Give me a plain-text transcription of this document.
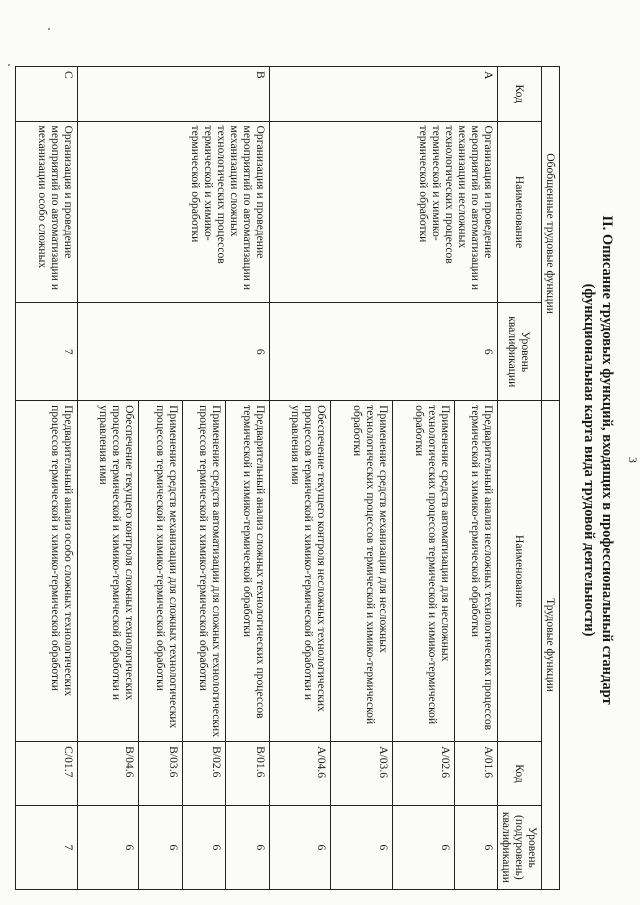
3
II. Описание трудовых функций, входящих в профессиональный стандарт
(функциональная карта вида трудовой деятельности)
Обобщенные трудовые функции			Трудовые функции		
Код	Наименование	Уровень квалификации	Наименование	Код	Уровень (подуровень) квалификации
A	Организация и проведение мероприятий по автоматизации и механизации несложных технологических процессов термической и химико-термической обработки	6	Предварительный анализ несложных технологических процессов термической и химико-термической обработки	A/01.6	6
			Применение средств автоматизации для несложных технологических процессов термической и химико-термической обработки	A/02.6	6
			Применение средств механизации для несложных технологических процессов термической и химико-термической обработки	A/03.6	6
			Обеспечение текущего контроля несложных технологических процессов термической и химико-термической обработки и управления ими	A/04.6	6
B	Организация и проведение мероприятий по автоматизации и механизации сложных технологических процессов термической и химико-термической обработки	6	Предварительный анализ сложных технологических процессов термической и химико-термической обработки	B/01.6	6
			Применение средств автоматизации для сложных технологических процессов термической и химико-термической обработки	B/02.6	6
			Применение средств механизации для сложных технологических процессов термической и химико-термической обработки	B/03.6	6
			Обеспечение текущего контроля сложных технологических процессов термической и химико-термической обработки и управления ими	B/04.6	6
C	Организация и проведение мероприятий по автоматизации и механизации особо сложных	7	Предварительный анализ особо сложных технологических процессов термической и химико-термической обработки	C/01.7	7
